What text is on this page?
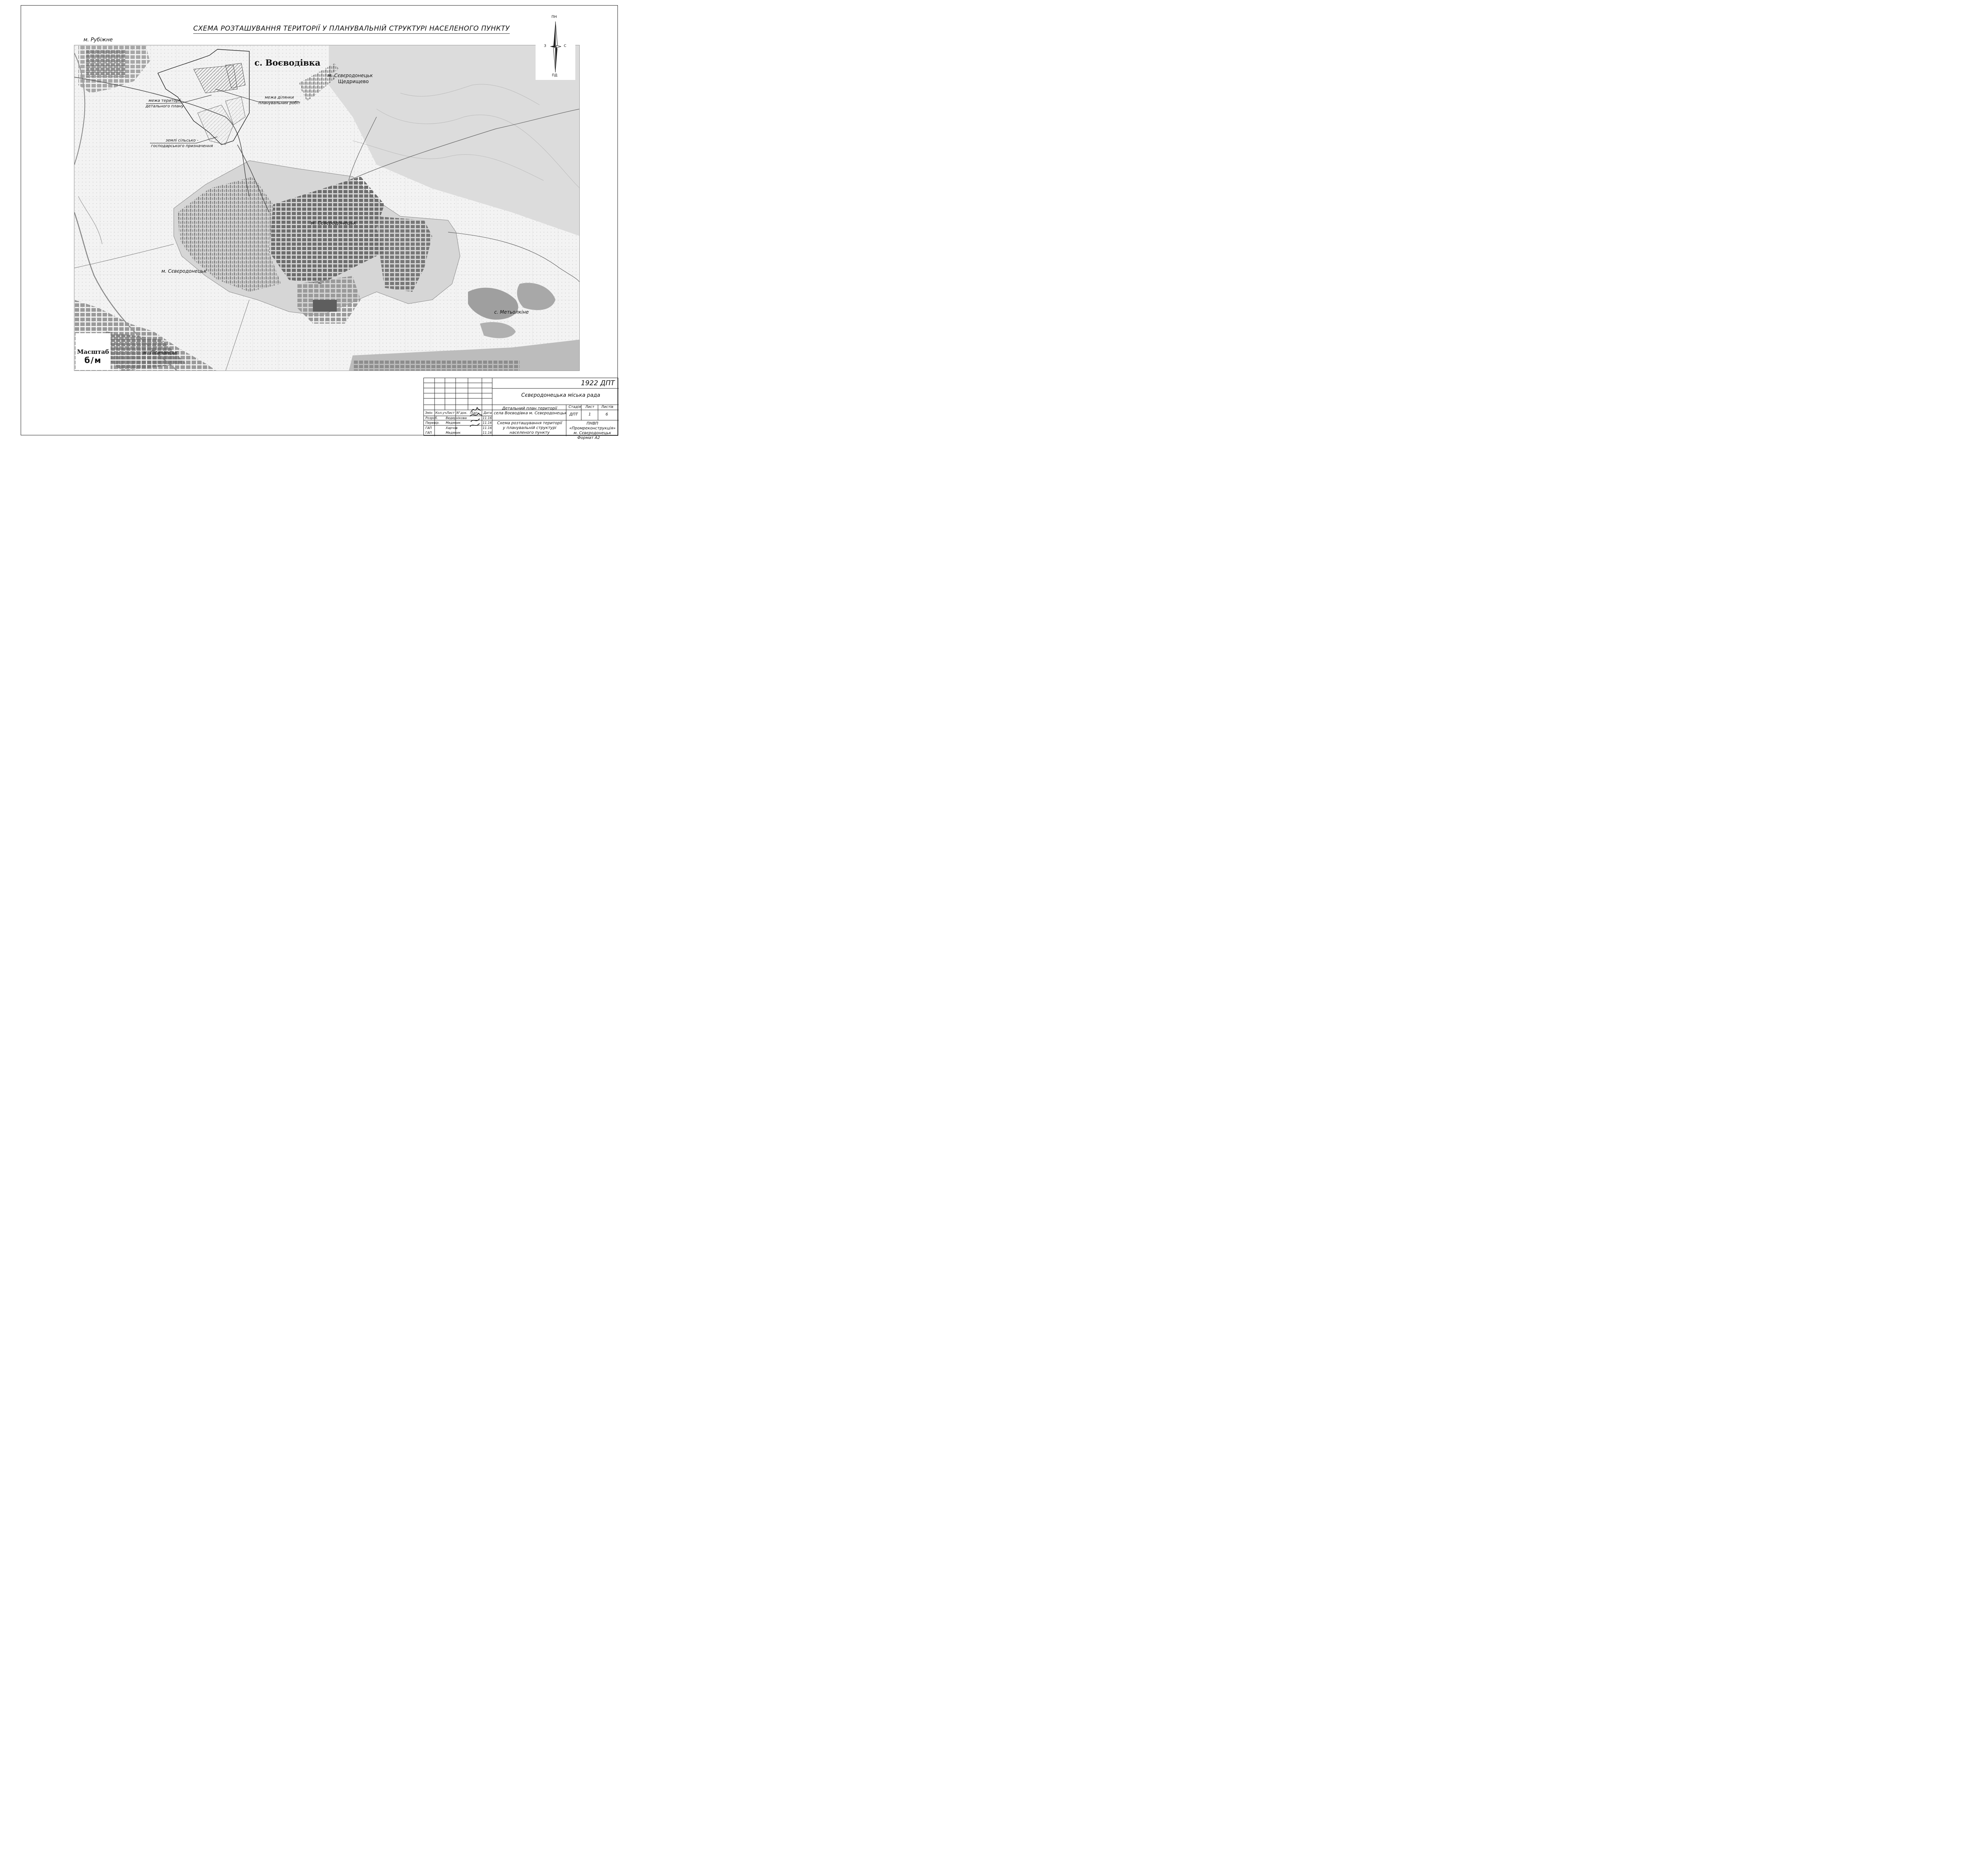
СХЕМА РОЗТАШУВАННЯ ТЕРИТОРІЇ У ПЛАНУВАЛЬНІЙ СТРУКТУРІ НАСЕЛЕНОГО ПУНКТУ
м. Рубіжне
с. Воєводівка
м. Сєвєродонецьк
Щедрищево
межа території
детального плану
межа ділянки
планувальних робіт
землі сільсько -
господарського призначення
м. Сєвєродонецьк
м. Сєвєродонецьк
с. Метьолкіне
м. Лісичанськ
ПН
ПД
З	С
Масштаб
б/м
1922 ДПТ
Сєвєродонецька міська рада
Змін Кол.уч.
Лист N°док. Підп. Дата
Розроб. Ведернікова	11.16
Перевір. Медяник	11.16
ГАП	Харчов	11.16
ГАП	Медяник	11.16
Детальний план території
села Воєводівка м. Сєвєродонецьк
Стадія Лист Листів
ДПТ	1	6
Схема розташування території
у планувальній структурі
населеного пункту
ПНВП
«Промреконструкція»
м. Сєвєродонецьк
Формат А2
